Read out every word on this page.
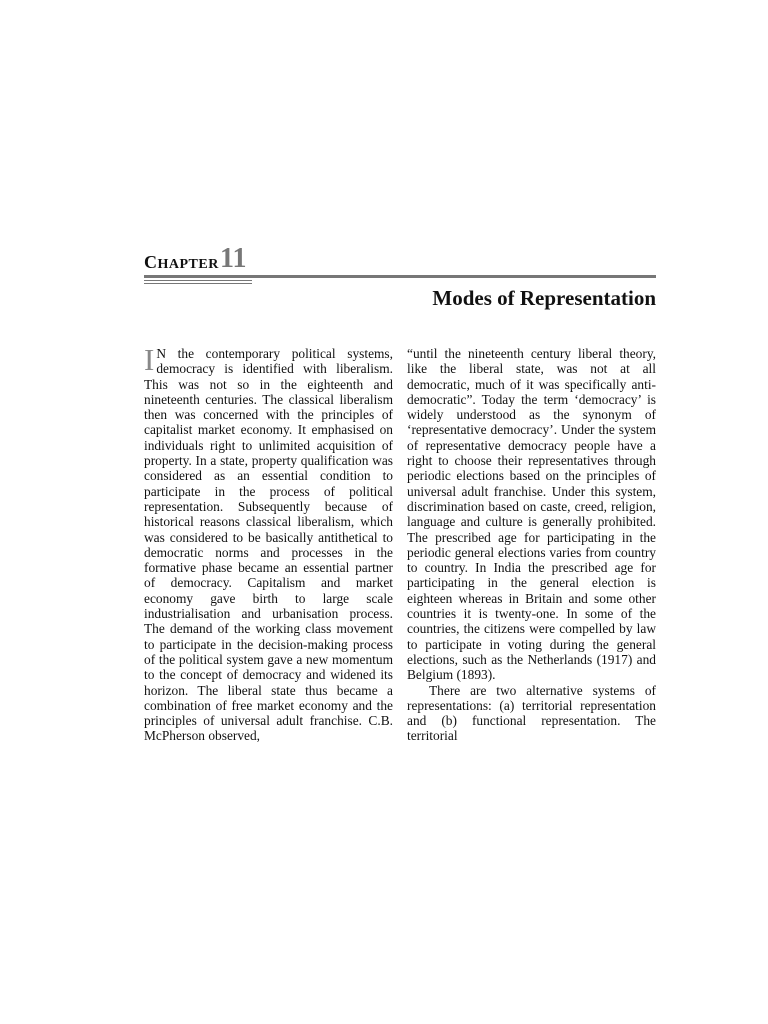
CHAPTER 11
Modes of Representation

I N the contemporary political systems, democracy is identified with liberalism. This was not so in the eighteenth and nineteenth centuries. The classical liberalism then was concerned with the principles of capitalist market economy. It emphasised on individuals right to unlimited acquisition of property. In a state, property qualification was considered as an essential condition to participate in the process of political representation. Subsequently because of historical reasons classical liberalism, which was considered to be basically antithetical to democratic norms and processes in the formative phase became an essential partner of democracy. Capitalism and market economy gave birth to large scale industrialisation and urbanisation process. The demand of the working class movement to participate in the decision-making process of the political system gave a new momentum to the concept of democracy and widened its horizon. The liberal state thus became a combination of free market economy and the principles of universal adult franchise. C.B. McPherson observed,

“until the nineteenth century liberal theory, like the liberal state, was not at all democratic, much of it was specifically anti-democratic”. Today the term ‘democracy’ is widely understood as the synonym of ‘representative democracy’. Under the system of representative democracy people have a right to choose their representatives through periodic elections based on the principles of universal adult franchise. Under this system, discrimination based on caste, creed, religion, language and culture is generally prohibited. The prescribed age for participating in the periodic general elections varies from country to country. In India the prescribed age for participating in the general election is eighteen whereas in Britain and some other countries it is twenty-one. In some of the countries, the citizens were compelled by law to participate in voting during the general elections, such as the Netherlands (1917) and Belgium (1893).

There are two alternative systems of representations: (a) territorial representation and (b) functional representation. The territorial
